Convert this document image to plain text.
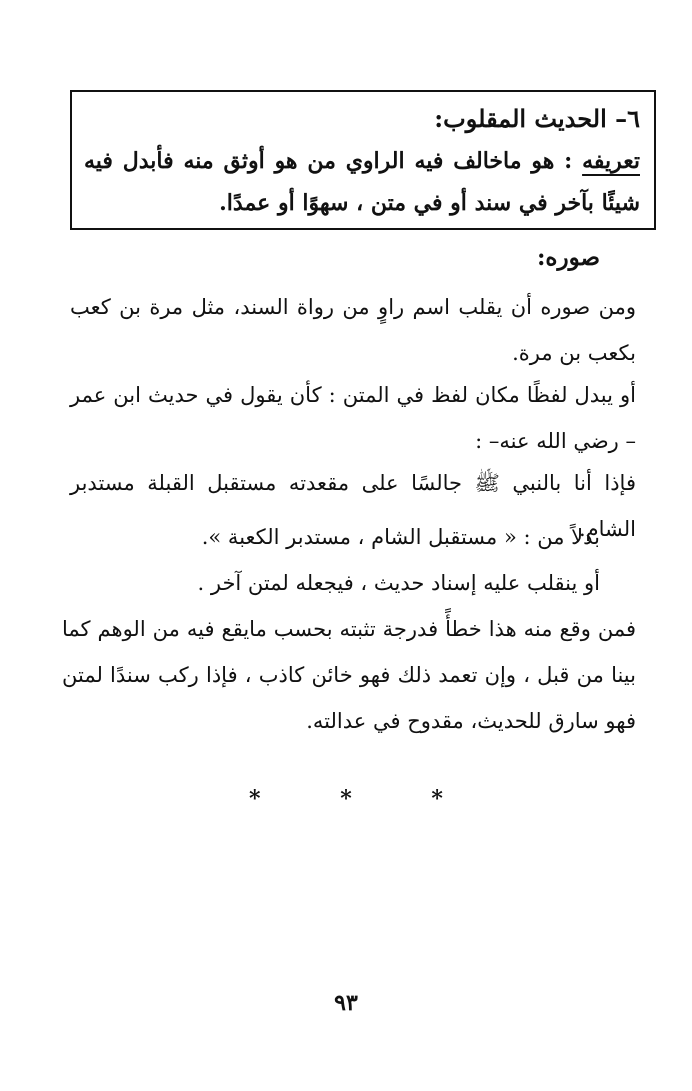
٦– الحديث المقلوب:
تعريفه : هو ماخالف فيه الراوي من هو أوثق منه فأبدل فيه شيئًا بآخر في سند أو في متن ، سهوًا أو عمدًا.
صوره:
ومن صوره أن يقلب اسم راوٍ من رواة السند، مثل مرة بن كعب بكعب بن مرة.
أو يبدل لفظًا مكان لفظ في المتن : كأن يقول في حديث ابن عمر – رضي الله عنه– :
فإذا أنا بالنبي ﷺ جالسًا على مقعدته مستقبل القبلة مستدبر الشام.
بدلاً من : « مستقبل الشام ، مستدبر الكعبة ».
أو ينقلب عليه إسناد حديث ، فيجعله لمتن آخر .
فمن وقع منه هذا خطأً فدرجة تثبته بحسب مايقع فيه من الوهم كما بينا من قبل ، وإن تعمد ذلك فهو خائن كاذب ، فإذا ركب سندًا لمتن فهو سارق للحديث، مقدوح في عدالته.
*	*	*
٩٣
